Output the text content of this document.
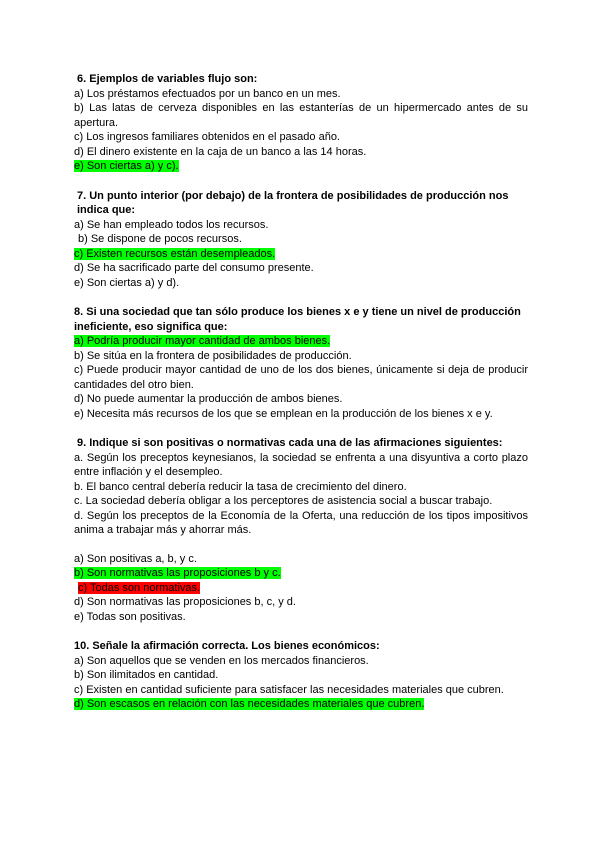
6. Ejemplos de variables flujo son:

a) Los préstamos efectuados por un banco en un mes.

b) Las latas de cerveza disponibles en las estanterías de un hipermercado antes de su apertura.

c) Los ingresos familiares obtenidos en el pasado año.

d) El dinero existente en la caja de un banco a las 14 horas.

e) Son ciertas a) y c).

7. Un punto interior (por debajo) de la frontera de posibilidades de producción nos indica que:

a) Se han empleado todos los recursos.

b) Se dispone de pocos recursos.

c) Existen recursos están desempleados.

d) Se ha sacrificado parte del consumo presente.

e) Son ciertas a) y d).

8. Si una sociedad que tan sólo produce los bienes x e y tiene un nivel de producción ineficiente, eso significa que:

a) Podría producir mayor cantidad de ambos bienes.

b) Se sitúa en la frontera de posibilidades de producción.

c) Puede producir mayor cantidad de uno de los dos bienes, únicamente si deja de producir cantidades del otro bien.

d) No puede aumentar la producción de ambos bienes.

e) Necesita más recursos de los que se emplean en la producción de los bienes x e y.

9. Indique si son positivas o normativas cada una de las afirmaciones siguientes:

a. Según los preceptos keynesianos, la sociedad se enfrenta a una disyuntiva a corto plazo entre inflación y el desempleo.

b. El banco central debería reducir la tasa de crecimiento del dinero.

c. La sociedad debería obligar a los perceptores de asistencia social a buscar trabajo.

d. Según los preceptos de la Economía de la Oferta, una reducción de los tipos impositivos anima a trabajar más y ahorrar más.

a) Son positivas a, b, y c.

b) Son normativas las proposiciones b y c.

c) Todas son normativas.

d) Son normativas las proposiciones b, c, y d.

e) Todas son positivas.

10. Señale la afirmación correcta. Los bienes económicos:

a) Son aquellos que se venden en los mercados financieros.

b) Son ilimitados en cantidad.

c) Existen en cantidad suficiente para satisfacer las necesidades materiales que cubren.

d) Son escasos en relación con las necesidades materiales que cubren.
